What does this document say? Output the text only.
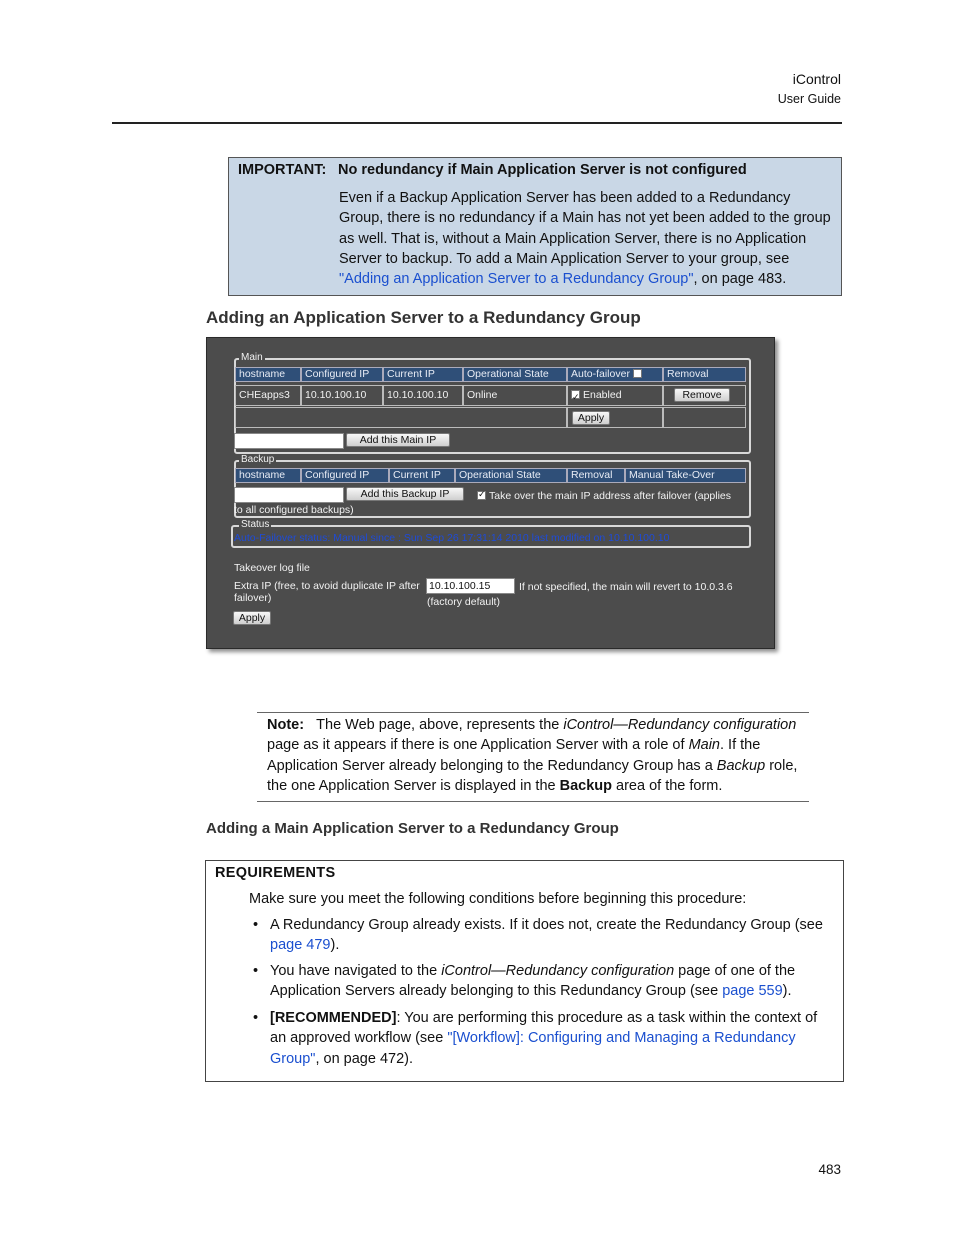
iControl
User Guide
IMPORTANT: No redundancy if Main Application Server is not configured
Even if a Backup Application Server has been added to a Redundancy Group, there is no redundancy if a Main has not yet been added to the group as well. That is, without a Main Application Server, there is no Application Server to backup. To add a Main Application Server to your group, see "Adding an Application Server to a Redundancy Group", on page 483.
Adding an Application Server to a Redundancy Group
Main
hostname	Configured IP	Current IP	Operational State	Auto-failover	Removal
CHEapps3	10.10.100.10	10.10.100.10	Online ✓	Enabled	Remove
Apply
Add this Main IP
Backup
hostname	Configured IP	Current IP	Operational State	Removal	Manual Take-Over
Add this Backup IP ✓	Take over the main IP address after failover (applies
to all configured backups)
Status
Auto-Failover status: Manual since : Sun Sep 26 17:31:14 2010 last modified on 10.10.100.10
Takeover log file
Extra IP (free, to avoid duplicate IP after
failover)
10.10.100.15	If not specified, the main will revert to 10.0.3.6
(factory default)
Apply
Note: The Web page, above, represents the iControl—Redundancy configuration page as it appears if there is one Application Server with a role of Main. If the Application Server already belonging to the Redundancy Group has a Backup role, the one Application Server is displayed in the Backup area of the form.
Adding a Main Application Server to a Redundancy Group
REQUIREMENTS
Make sure you meet the following conditions before beginning this procedure:
• A Redundancy Group already exists. If it does not, create the Redundancy Group (see page 479).
• You have navigated to the iControl—Redundancy configuration page of one of the Application Servers already belonging to this Redundancy Group (see page 559).
• [RECOMMENDED]: You are performing this procedure as a task within the context of an approved workflow (see "[Workflow]: Configuring and Managing a Redundancy Group", on page 472).
483
